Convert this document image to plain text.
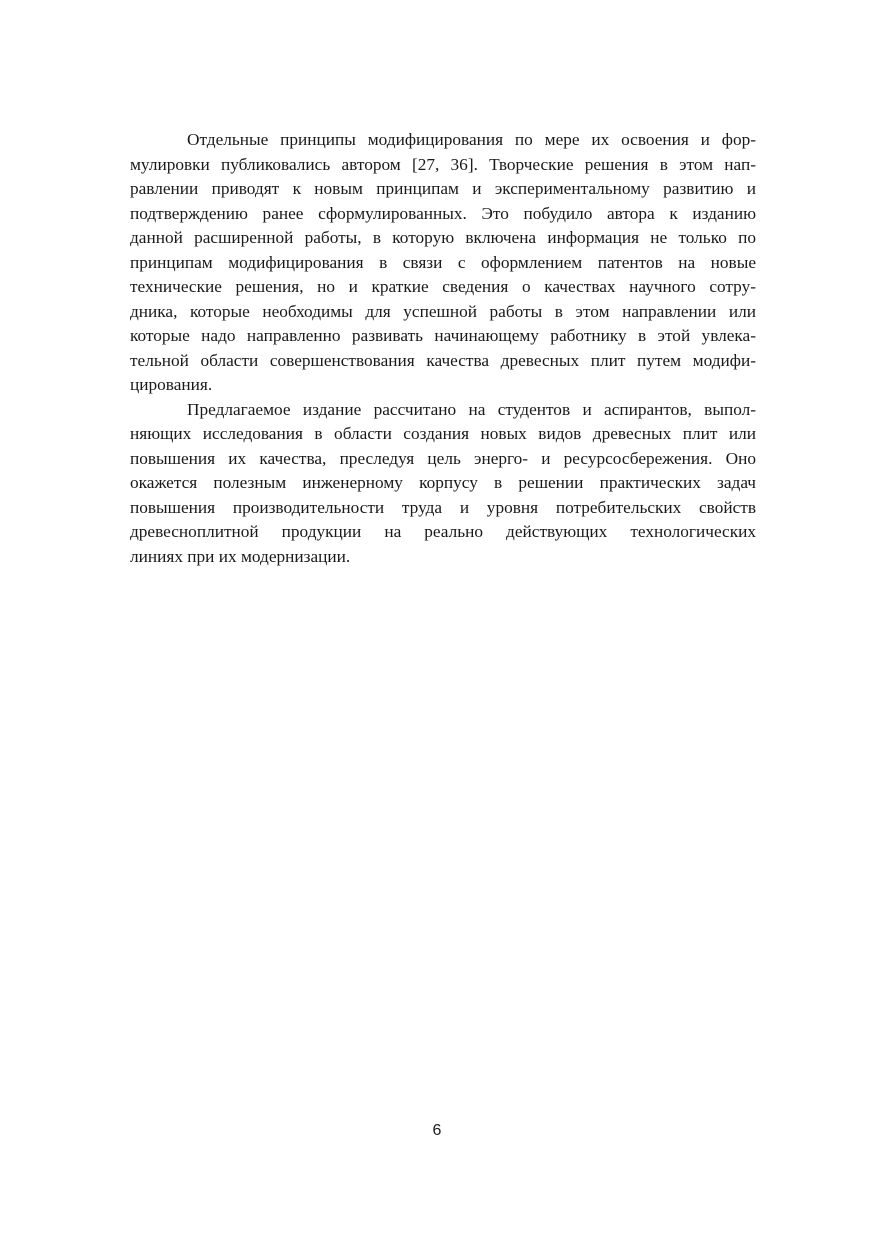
Отдельные принципы модифицирования по мере их освоения и фор-
мулировки публиковались автором [27, 36]. Творческие решения в этом нап-
равлении приводят к новым принципам и экспериментальному развитию и
подтверждению ранее сформулированных. Это побудило автора к изданию
данной расширенной работы, в которую включена информация не только по
принципам модифицирования в связи с оформлением патентов на новые
технические решения, но и краткие сведения о качествах научного сотру-
дника, которые необходимы для успешной работы в этом направлении или
которые надо направленно развивать начинающему работнику в этой увлека-
тельной области совершенствования качества древесных плит путем модифи-
цирования.
Предлагаемое издание рассчитано на студентов и аспирантов, выпол-
няющих исследования в области создания новых видов древесных плит или
повышения их качества, преследуя цель энерго- и ресурсосбережения. Оно
окажется полезным инженерному корпусу в решении практических задач
повышения производительности труда и уровня потребительских свойств
древесноплитной продукции на реально действующих технологических
линиях при их модернизации.
6
